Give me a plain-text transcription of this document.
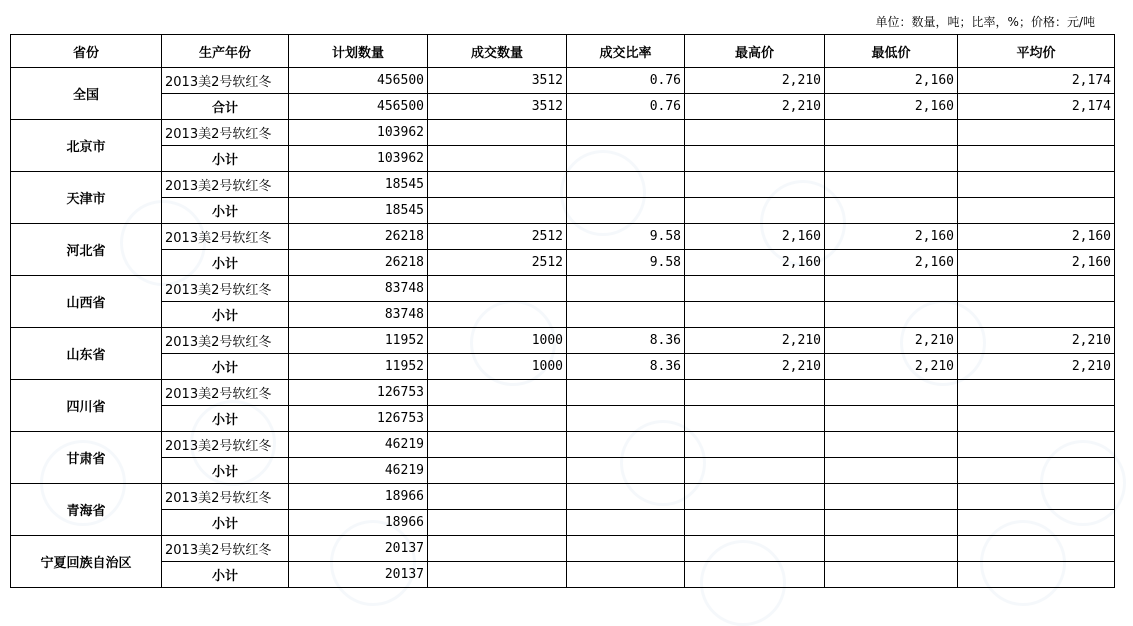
单位：数量，吨；比率，%；价格：元/吨
省份	生产年份	计划数量	成交数量	成交比率	最高价	最低价	平均价
全国	2013美2号软红冬	456500	3512	0.76	2,210	2,160	2,174
	合计	456500	3512	0.76	2,210	2,160	2,174
北京市	2013美2号软红冬	103962					
	小计	103962					
天津市	2013美2号软红冬	18545					
	小计	18545					
河北省	2013美2号软红冬	26218	2512	9.58	2,160	2,160	2,160
	小计	26218	2512	9.58	2,160	2,160	2,160
山西省	2013美2号软红冬	83748					
	小计	83748					
山东省	2013美2号软红冬	11952	1000	8.36	2,210	2,210	2,210
	小计	11952	1000	8.36	2,210	2,210	2,210
四川省	2013美2号软红冬	126753					
	小计	126753					
甘肃省	2013美2号软红冬	46219					
	小计	46219					
青海省	2013美2号软红冬	18966					
	小计	18966					
宁夏回族自治区	2013美2号软红冬	20137					
	小计	20137					
